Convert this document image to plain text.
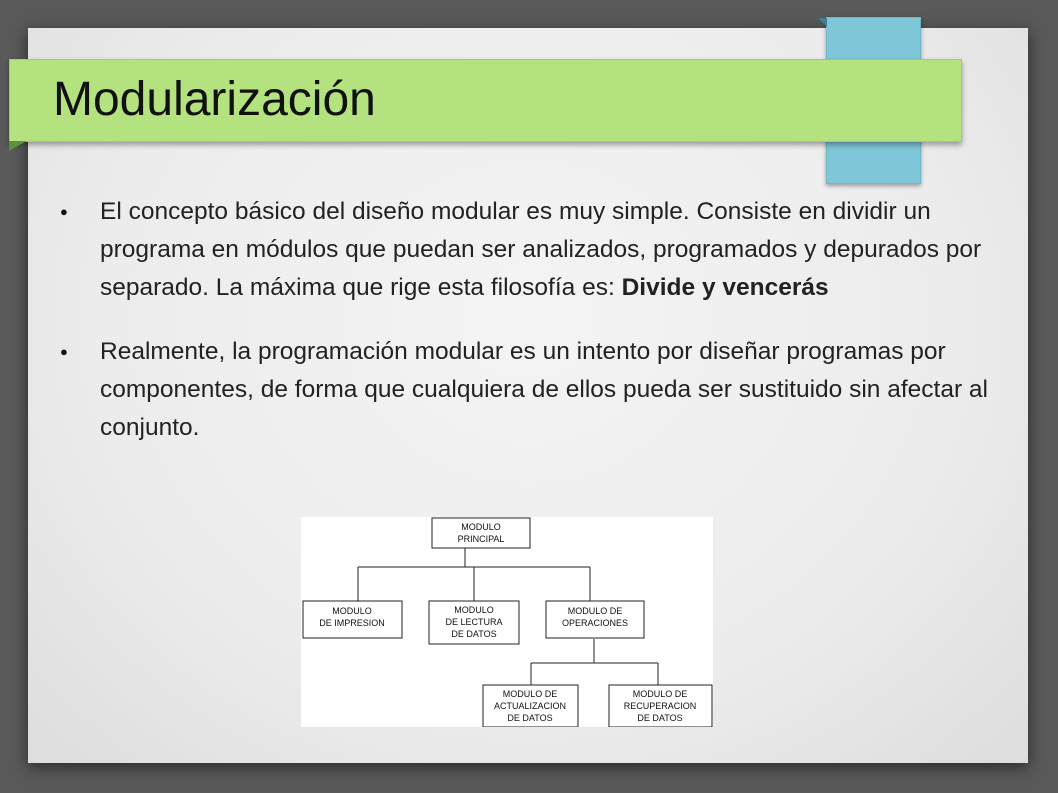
Modularización
● El concepto básico del diseño modular es muy simple. Consiste en dividir un programa en módulos que puedan ser analizados, programados y depurados por separado. La máxima que rige esta filosofía es: Divide y vencerás
● Realmente, la programación modular es un intento por diseñar programas por componentes, de forma que cualquiera de ellos pueda ser sustituido sin afectar al conjunto.
MODULO
PRINCIPAL
MODULO
DE IMPRESION
MODULO
DE LECTURA
DE DATOS
MODULO DE
OPERACIONES
MODULO DE
ACTUALIZACION
DE DATOS
MODULO DE
RECUPERACION
DE DATOS
